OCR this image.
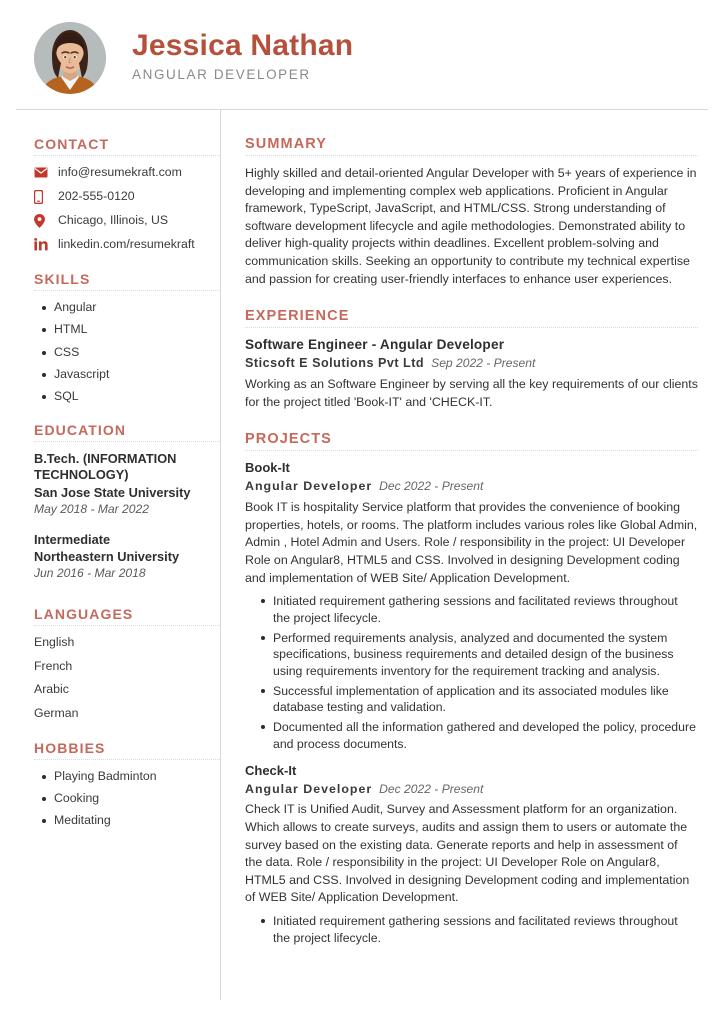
Jessica Nathan
ANGULAR DEVELOPER
CONTACT
info@resumekraft.com
202-555-0120
Chicago, Illinois, US
linkedin.com/resumekraft
SKILLS
Angular
HTML
CSS
Javascript
SQL
EDUCATION
B.Tech. (INFORMATION TECHNOLOGY)
San Jose State University
May 2018 - Mar 2022
Intermediate
Northeastern University
Jun 2016 - Mar 2018
LANGUAGES
English
French
Arabic
German
HOBBIES
Playing Badminton
Cooking
Meditating
SUMMARY

Highly skilled and detail-oriented Angular Developer with 5+ years of experience in developing and implementing complex web applications. Proficient in Angular framework, TypeScript, JavaScript, and HTML/CSS. Strong understanding of software development lifecycle and agile methodologies. Demonstrated ability to deliver high-quality projects within deadlines. Excellent problem-solving and communication skills. Seeking an opportunity to contribute my technical expertise and passion for creating user-friendly interfaces to enhance user experiences.

EXPERIENCE
Software Engineer - Angular Developer
Sticsoft E Solutions Pvt Ltd Sep 2022 - Present

Working as an Software Engineer by serving all the key requirements of our clients for the project titled 'Book-IT' and 'CHECK-IT.

PROJECTS
Book-It
Angular Developer Dec 2022 - Present

Book IT is hospitality Service platform that provides the convenience of booking properties, hotels, or rooms. The platform includes various roles like Global Admin, Admin , Hotel Admin and Users. Role / responsibility in the project: UI Developer Role on Angular8, HTML5 and CSS. Involved in designing Development coding and implementation of WEB Site/ Application Development.

Initiated requirement gathering sessions and facilitated reviews throughout the project lifecycle.
Performed requirements analysis, analyzed and documented the system specifications, business requirements and detailed design of the business using requirements inventory for the requirement tracking and analysis.
Successful implementation of application and its associated modules like database testing and validation.
Documented all the information gathered and developed the policy, procedure and process documents.
Check-It
Angular Developer Dec 2022 - Present

Check IT is Unified Audit, Survey and Assessment platform for an organization. Which allows to create surveys, audits and assign them to users or automate the survey based on the existing data. Generate reports and help in assessment of the data. Role / responsibility in the project: UI Developer Role on Angular8, HTML5 and CSS. Involved in designing Development coding and implementation of WEB Site/ Application Development.

Initiated requirement gathering sessions and facilitated reviews throughout the project lifecycle.
